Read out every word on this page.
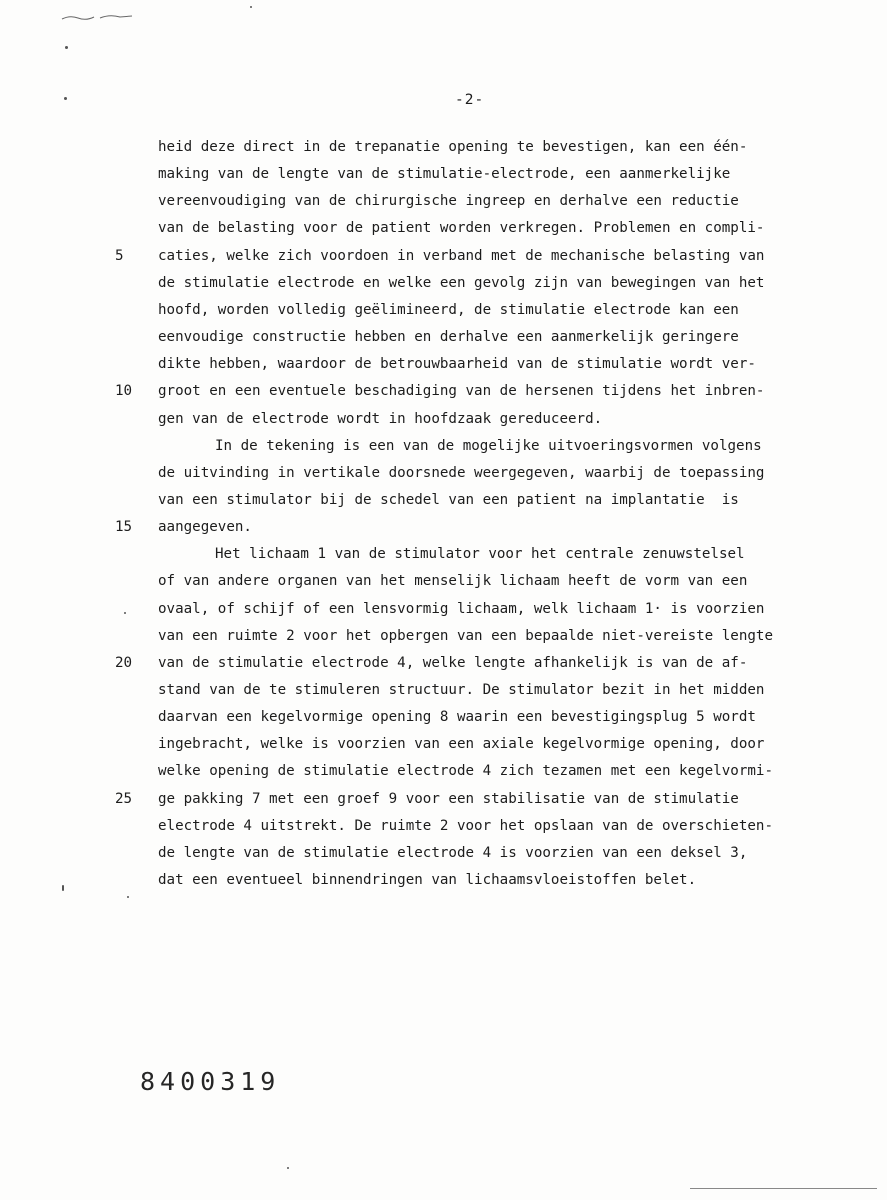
-2-
heid deze direct in de trepanatie opening te bevestigen, kan een één-
making van de lengte van de stimulatie-electrode, een aanmerkelijke
vereenvoudiging van de chirurgische ingreep en derhalve een reductie
van de belasting voor de patient worden verkregen. Problemen en compli-
caties, welke zich voordoen in verband met de mechanische belasting van
5
de stimulatie electrode en welke een gevolg zijn van bewegingen van het
hoofd, worden volledig geëlimineerd, de stimulatie electrode kan een
eenvoudige constructie hebben en derhalve een aanmerkelijk geringere
dikte hebben, waardoor de betrouwbaarheid van de stimulatie wordt ver-
groot en een eventuele beschadiging van de hersenen tijdens het inbren-
10
gen van de electrode wordt in hoofdzaak gereduceerd.
In de tekening is een van de mogelijke uitvoeringsvormen volgens
de uitvinding in vertikale doorsnede weergegeven, waarbij de toepassing
van een stimulator bij de schedel van een patient na implantatie  is
aangegeven.
15
Het lichaam 1 van de stimulator voor het centrale zenuwstelsel
of van andere organen van het menselijk lichaam heeft de vorm van een
ovaal, of schijf of een lensvormig lichaam, welk lichaam 1· is voorzien
van een ruimte 2 voor het opbergen van een bepaalde niet-vereiste lengte
van de stimulatie electrode 4, welke lengte afhankelijk is van de af-
20
stand van de te stimuleren structuur. De stimulator bezit in het midden
daarvan een kegelvormige opening 8 waarin een bevestigingsplug 5 wordt
ingebracht, welke is voorzien van een axiale kegelvormige opening, door
welke opening de stimulatie electrode 4 zich tezamen met een kegelvormi-
ge pakking 7 met een groef 9 voor een stabilisatie van de stimulatie
25
electrode 4 uitstrekt. De ruimte 2 voor het opslaan van de overschieten-
de lengte van de stimulatie electrode 4 is voorzien van een deksel 3,
dat een eventueel binnendringen van lichaamsvloeistoffen belet.
8400319
